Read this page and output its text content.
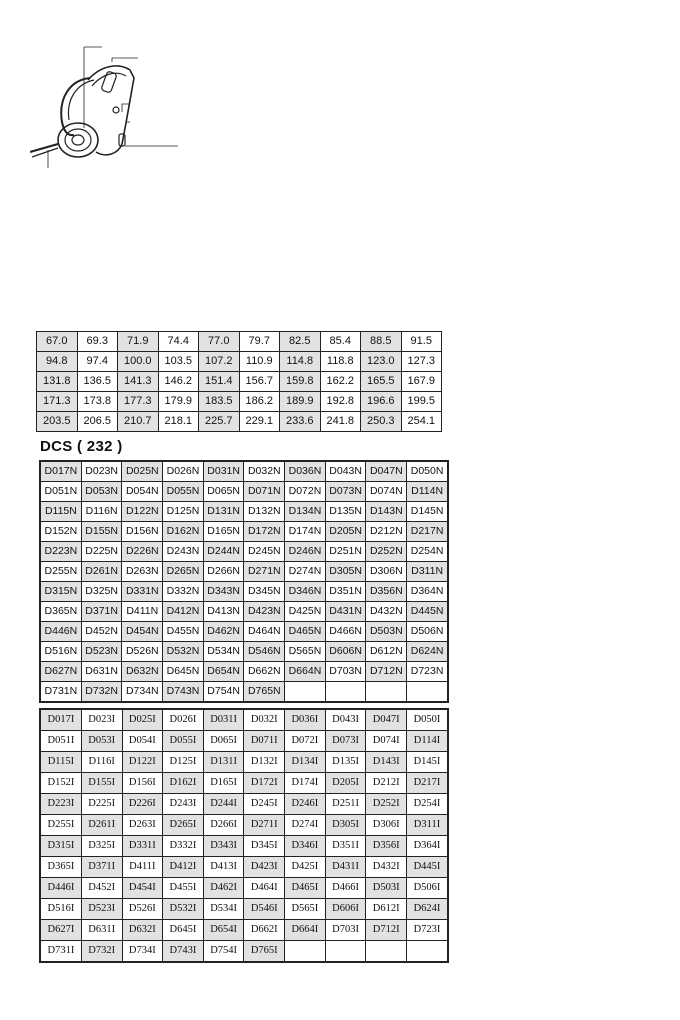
67.0	69.3	71.9	74.4	77.0	79.7	82.5	85.4	88.5	91.5
94.8	97.4	100.0	103.5	107.2	110.9	114.8	118.8	123.0	127.3
131.8	136.5	141.3	146.2	151.4	156.7	159.8	162.2	165.5	167.9
171.3	173.8	177.3	179.9	183.5	186.2	189.9	192.8	196.6	199.5
203.5	206.5	210.7	218.1	225.7	229.1	233.6	241.8	250.3	254.1
DCS ( 232 )
D017N	D023N	D025N	D026N	D031N	D032N	D036N	D043N	D047N	D050N
D051N	D053N	D054N	D055N	D065N	D071N	D072N	D073N	D074N	D114N
D115N	D116N	D122N	D125N	D131N	D132N	D134N	D135N	D143N	D145N
D152N	D155N	D156N	D162N	D165N	D172N	D174N	D205N	D212N	D217N
D223N	D225N	D226N	D243N	D244N	D245N	D246N	D251N	D252N	D254N
D255N	D261N	D263N	D265N	D266N	D271N	D274N	D305N	D306N	D311N
D315N	D325N	D331N	D332N	D343N	D345N	D346N	D351N	D356N	D364N
D365N	D371N	D411N	D412N	D413N	D423N	D425N	D431N	D432N	D445N
D446N	D452N	D454N	D455N	D462N	D464N	D465N	D466N	D503N	D506N
D516N	D523N	D526N	D532N	D534N	D546N	D565N	D606N	D612N	D624N
D627N	D631N	D632N	D645N	D654N	D662N	D664N	D703N	D712N	D723N
D731N	D732N	D734N	D743N	D754N	D765N				
D017I	D023I	D025I	D026I	D031I	D032I	D036I	D043I	D047I	D050I
D051I	D053I	D054I	D055I	D065I	D071I	D072I	D073I	D074I	D114I
D115I	D116I	D122I	D125I	D131I	D132I	D134I	D135I	D143I	D145I
D152I	D155I	D156I	D162I	D165I	D172I	D174I	D205I	D212I	D217I
D223I	D225I	D226I	D243I	D244I	D245I	D246I	D251I	D252I	D254I
D255I	D261I	D263I	D265I	D266I	D271I	D274I	D305I	D306I	D311I
D315I	D325I	D331I	D332I	D343I	D345I	D346I	D351I	D356I	D364I
D365I	D371I	D411I	D412I	D413I	D423I	D425I	D431I	D432I	D445I
D446I	D452I	D454I	D455I	D462I	D464I	D465I	D466I	D503I	D506I
D516I	D523I	D526I	D532I	D534I	D546I	D565I	D606I	D612I	D624I
D627I	D631I	D632I	D645I	D654I	D662I	D664I	D703I	D712I	D723I
D731I	D732I	D734I	D743I	D754I	D765I				
